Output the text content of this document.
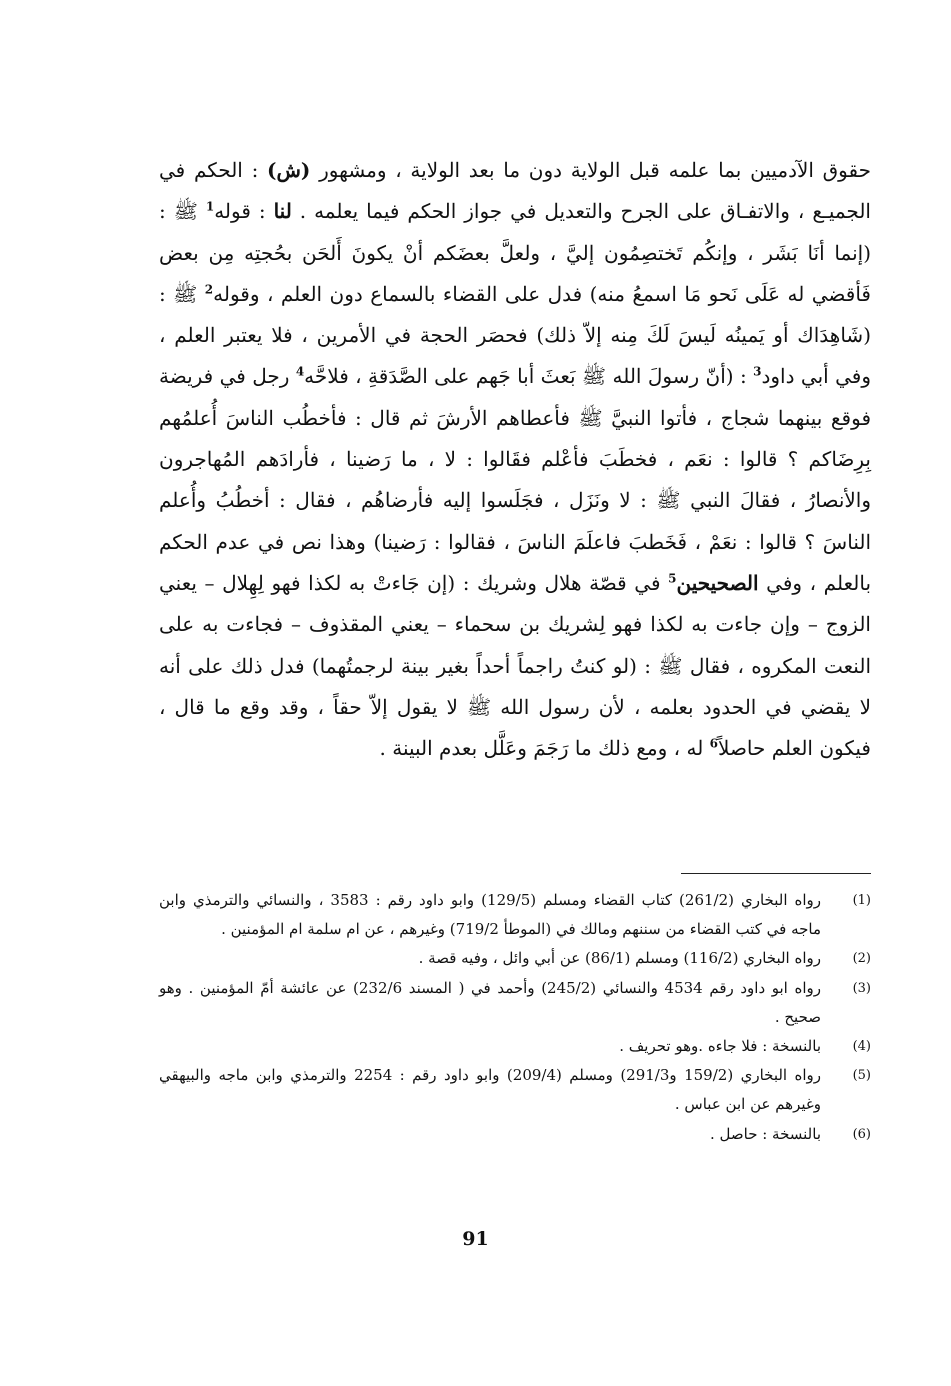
حقوق الآدميين بما علمه قبل الولاية دون ما بعد الولاية ، ومشهور (ش) : الحكم في الجميـع ، والاتفـاق على الجرح والتعديل في جواز الحكم فيما يعلمه . لنا : قوله$^1$ ﷺ : (إنما أنَا بَشَر ، وإنكُم تَختصِمُون إليَّ ، ولعلَّ بعضَكم أنْ يكونَ أَلحَن بحُجتِه مِن بعض فَأقضي له عَلَى نَحو مَا اسمعُ منه) فدل على القضاء بالسماع دون العلم ، وقوله$^2$ ﷺ : (شَاهِدَاك أو يَمينُه لَيسَ لَكَ مِنه إلاّ ذلك) فحصَر الحجة في الأمرين ، فلا يعتبر العلم ، وفي أبي داود$^3$ : (أنّ رسولَ الله ﷺ بَعثَ أبا جَهم على الصَّدَقةِ ، فلاحَّه$^4$ رجل في فريضة فوقع بينهما شجاج ، فأتوا النبيَّ ﷺ فأعطاهم الأرشَ ثم قال : فأخطُب الناسَ أُعلمُهم بِرِضَاكم ؟ قالوا : نعَم ، فخطَبَ فأعْلم فقَالوا : لا ، ما رَضينا ، فأرادَهم المُهاجرون والأنصارُ ، فقالَ النبي ﷺ : لا ونَزَل ، فجَلَسوا إليه فأرضاهُم ، فقال : أخطُبُ وأُعلم الناسَ ؟ قالوا : نعَمْ ، فَخَطبَ فاعلَمَ الناسَ ، فقالوا : رَضينا) وهذا نص في عدم الحكم بالعلم ، وفي الصحيحين$^5$ في قصّة هلال وشريك : (إن جَاءتْ به لكذا فهو لِهِلال – يعني الزوج – وإن جاءت به لكذا فهو لِشريك بن سحماء – يعني المقذوف – فجاءت به على النعت المكروه ، فقال ﷺ : (لو كنتُ راجماً أحداً بغير بينة لرجمتُهما) فدل ذلك على أنه لا يقضي في الحدود بعلمه ، لأن رسول الله ﷺ لا يقول إلاّ حقاً ، وقد وقع ما قال ، فيكون العلم حاصلاً$^6$ له ، ومع ذلك ما رَجَمَ وعَلَّل بعدم البينة .

(1)
رواه البخاري (261/2) كتاب القضاء ومسلم (129/5) وابو داود رقم : 3583 ، والنسائي والترمذي وابن ماجه في كتب القضاء من سننهم ومالك في (الموطأ 719/2) وغيرهم ، عن ام سلمة ام المؤمنين .
(2)
رواه البخاري (116/2) ومسلم (86/1) عن أبي وائل ، وفيه قصة .
(3)
رواه ابو داود رقم 4534 والنسائي (245/2) وأحمد في ( المسند 232/6) عن عائشة أمّ المؤمنين . وهو صحيح .
(4)
بالنسخة : فلا جاءه .وهو تحريف .
(5)
رواه البخاري (159/2 و291/3) ومسلم (209/4) وابو داود رقم : 2254 والترمذي وابن ماجه والبيهقي وغيرهم عن ابن عباس .
(6)
بالنسخة : حاصل .
91
